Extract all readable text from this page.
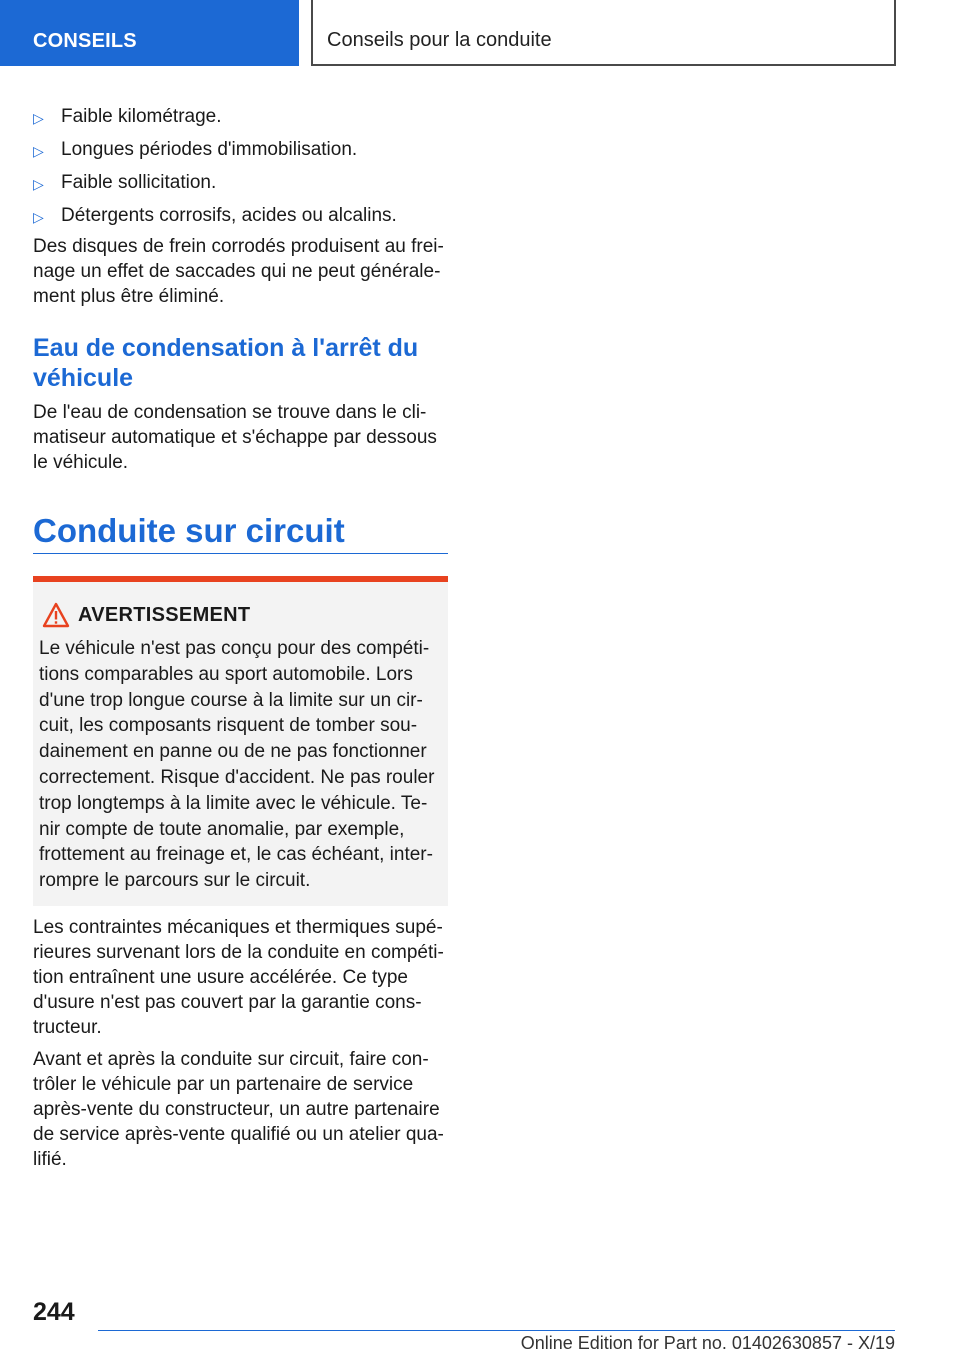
CONSEILS	Conseils pour la conduite
▷ Faible kilométrage.
▷ Longues périodes d'immobilisation.
▷ Faible sollicitation.
▷ Détergents corrosifs, acides ou alcalins.

Des disques de frein corrodés produisent au freinage un effet de saccades qui ne peut généralement plus être éliminé.

Eau de condensation à l'arrêt du véhicule

De l'eau de condensation se trouve dans le climatiseur automatique et s'échappe par dessous le véhicule.

Conduite sur circuit
AVERTISSEMENT

Le véhicule n'est pas conçu pour des compétitions comparables au sport automobile. Lors d'une trop longue course à la limite sur un circuit, les composants risquent de tomber soudainement en panne ou de ne pas fonctionner correctement. Risque d'accident. Ne pas rouler trop longtemps à la limite avec le véhicule. Tenir compte de toute anomalie, par exemple, frottement au freinage et, le cas échéant, interrompre le parcours sur le circuit.

Les contraintes mécaniques et thermiques supérieures survenant lors de la conduite en compétition entraînent une usure accélérée. Ce type d'usure n'est pas couvert par la garantie constructeur.

Avant et après la conduite sur circuit, faire contrôler le véhicule par un partenaire de service après-vente du constructeur, un autre partenaire de service après-vente qualifié ou un atelier qualifié.

244
Online Edition for Part no. 01402630857 - X/19
